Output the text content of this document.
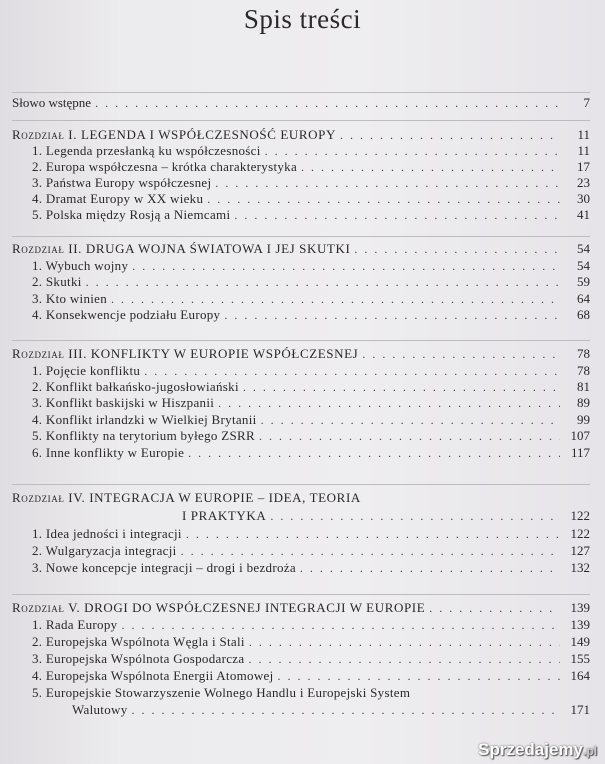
Spis treści
Słowo wstępne . . .	7
Rozdział I. LEGENDA I WSPÓŁCZESNOŚĆ EUROPY . . .	11
1. Legenda przesłanką ku współczesności . . .	11
2. Europa współczesna – krótka charakterystyka . . .	17
3. Państwa Europy współczesnej . . .	23
4. Dramat Europy w XX wieku . . .	30
5. Polska między Rosją a Niemcami . . .	41
Rozdział II. DRUGA WOJNA ŚWIATOWA I JEJ SKUTKI . . .	54
1. Wybuch wojny . . .	54
2. Skutki . . .	59
3. Kto winien . . .	64
4. Konsekwencje podziału Europy . . .	68
Rozdział III. KONFLIKTY W EUROPIE WSPÓŁCZESNEJ . . .	78
1. Pojęcie konfliktu . . .	78
2. Konflikt bałkańsko-jugosłowiański . . .	81
3. Konflikt baskijski w Hiszpanii . . .	89
4. Konflikt irlandzki w Wielkiej Brytanii . . .	99
5. Konflikty na terytorium byłego ZSRR . . .	107
6. Inne konflikty w Europie . . .	117
Rozdział IV. INTEGRACJA W EUROPIE – IDEA, TEORIA
I PRAKTYKA . . .	122
1. Idea jedności i integracji . . .	122
2. Wulgaryzacja integracji . . .	127
3. Nowe koncepcje integracji – drogi i bezdroża . . .	132
Rozdział V. DROGI DO WSPÓŁCZESNEJ INTEGRACJI W EUROPIE . . .	139
1. Rada Europy . . .	139
2. Europejska Wspólnota Węgla i Stali . . .	149
3. Europejska Wspólnota Gospodarcza . . .	155
4. Europejska Wspólnota Energii Atomowej . . .	164
5. Europejskie Stowarzyszenie Wolnego Handlu i Europejski System
Walutowy . . .	171
Sprzedajemy.pl
